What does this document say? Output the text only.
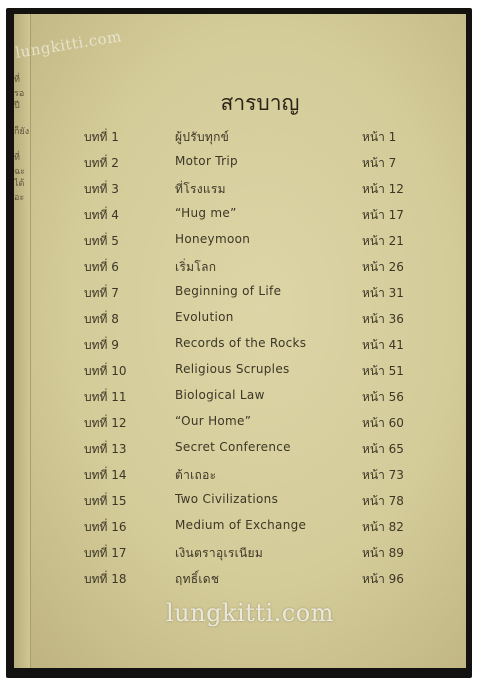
ที่รอ
ปี
ก็ยัง
ที่ฉะ
ได้อะ
lungkitti.com
สารบาญ
บทที่ 1	ผู้ปรับทุกข์	หน้า 1
บทที่ 2	Motor Trip	หน้า 7
บทที่ 3	ที่โรงแรม	หน้า 12
บทที่ 4	“Hug me”	หน้า 17
บทที่ 5	Honeymoon	หน้า 21
บทที่ 6	เริ่มโลก	หน้า 26
บทที่ 7	Beginning of Life	หน้า 31
บทที่ 8	Evolution	หน้า 36
บทที่ 9	Records of the Rocks	หน้า 41
บทที่ 10	Religious Scruples	หน้า 51
บทที่ 11	Biological Law	หน้า 56
บทที่ 12	“Our Home”	หน้า 60
บทที่ 13	Secret Conference	หน้า 65
บทที่ 14	ต้าเถอะ	หน้า 73
บทที่ 15	Two Civilizations	หน้า 78
บทที่ 16	Medium of Exchange	หน้า 82
บทที่ 17	เงินตราอุเรเนียม	หน้า 89
บทที่ 18	ฤทธิ์เดช	หน้า 96
lungkitti.com
